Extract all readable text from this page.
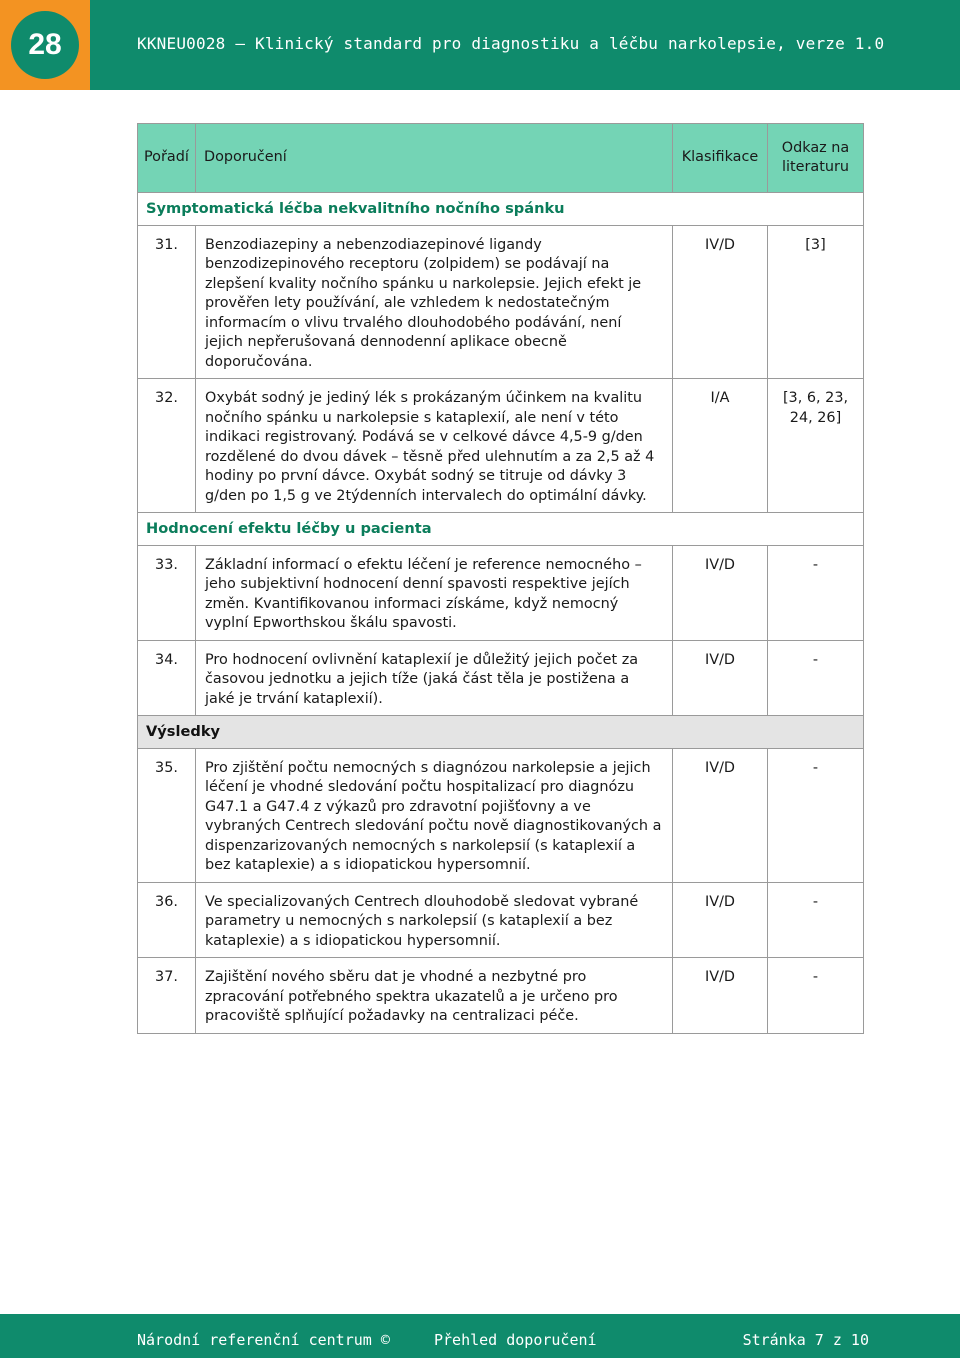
28	KKNEU0028 – Klinický standard pro diagnostiku a léčbu narkolepsie, verze 1.0
Pořadí	Doporučení	Klasifikace	Odkaz na literaturu
Symptomatická léčba nekvalitního nočního spánku			
31.	Benzodiazepiny a nebenzodiazepinové ligandy benzodizepinového receptoru (zolpidem) se podávají na zlepšení kvality nočního spánku u narkolepsie. Jejich efekt je prověřen lety používání, ale vzhledem k nedostatečným informacím o vlivu trvalého dlouhodobého podávání, není jejich nepřerušovaná dennodenní aplikace obecně doporučována.	IV/D	[3]
32.	Oxybát sodný je jediný lék s prokázaným účinkem na kvalitu nočního spánku u narkolepsie s kataplexií, ale není v této indikaci registrovaný. Podává se v celkové dávce 4,5-9 g/den rozdělené do dvou dávek – těsně před ulehnutím a za 2,5 až 4 hodiny po první dávce. Oxybát sodný se titruje od dávky 3 g/den po 1,5 g ve 2týdenních intervalech do optimální dávky.	I/A	[3, 6, 23, 24, 26]
Hodnocení efektu léčby u pacienta			
33.	Základní informací o efektu léčení je reference nemocného – jeho subjektivní hodnocení denní spavosti respektive jejích změn. Kvantifikovanou informaci získáme, když nemocný vyplní Epworthskou škálu spavosti.	IV/D	-
34.	Pro hodnocení ovlivnění kataplexií je důležitý jejich počet za časovou jednotku a jejich tíže (jaká část těla je postižena a jaké je trvání kataplexií).	IV/D	-
Výsledky			
35.	Pro zjištění počtu nemocných s diagnózou narkolepsie a jejich léčení je vhodné sledování počtu hospitalizací pro diagnózu G47.1 a G47.4 z výkazů pro zdravotní pojišťovny a ve vybraných Centrech sledování počtu nově diagnostikovaných a dispenzarizovaných nemocných s narkolepsií (s kataplexií a bez kataplexie) a s idiopatickou hypersomnií.	IV/D	-
36.	Ve specializovaných Centrech dlouhodobě sledovat vybrané parametry u nemocných s narkolepsií (s kataplexií a bez kataplexie) a s idiopatickou hypersomnií.	IV/D	-
37.	Zajištění nového sběru dat je vhodné a nezbytné pro zpracování potřebného spektra ukazatelů a je určeno pro pracoviště splňující požadavky na centralizaci péče.	IV/D	-
Národní referenční centrum ©	Přehled doporučení	Stránka 7 z 10
